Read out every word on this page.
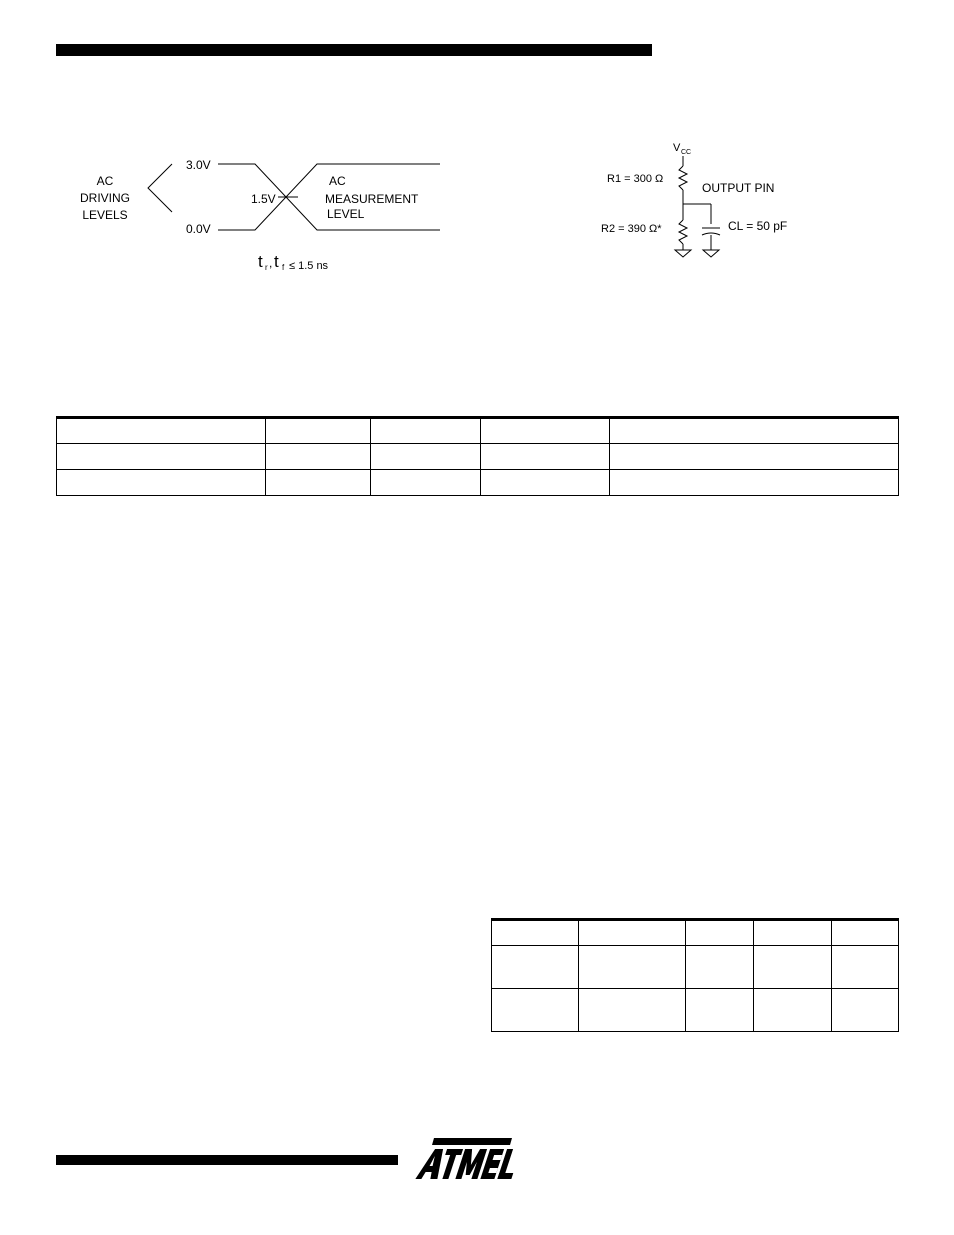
AC
DRIVING
LEVELS
3.0V
0.0V
1.5V
AC
MEASUREMENT
LEVEL
t r , t f ≤ 1.5 ns
V CC
R1 = 300 Ω
OUTPUT PIN
R2 = 390 Ω*	CL = 50 pF
